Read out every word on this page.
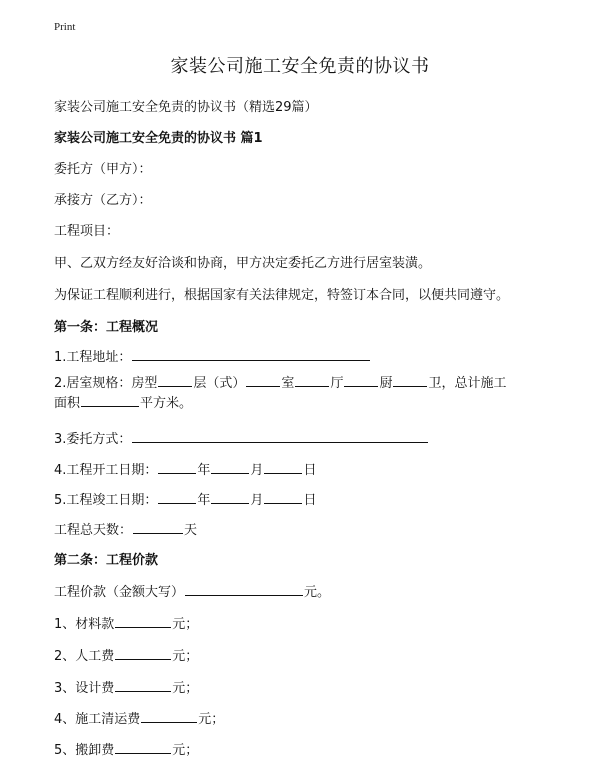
Print
家装公司施工安全免责的协议书
家装公司施工安全免责的协议书（精选29篇）
家装公司施工安全免责的协议书 篇1
委托方（甲方）：
承接方（乙方）：
工程项目：
甲、乙双方经友好洽谈和协商，甲方决定委托乙方进行居室装潢。
为保证工程顺利进行，根据国家有关法律规定，特签订本合同，以便共同遵守。
第一条：工程概况
1.工程地址：
2.居室规格：房型	层（式）	室	厅	厨	卫，总计施工
面积	平方米。
3.委托方式：
4.工程开工日期：	年	月	日
5.工程竣工日期：	年	月	日
工程总天数：	天
第二条：工程价款
工程价款（金额大写）	元。
1、材料款	元；
2、人工费	元；
3、设计费	元；
4、施工清运费	元；
5、搬卸费	元；
